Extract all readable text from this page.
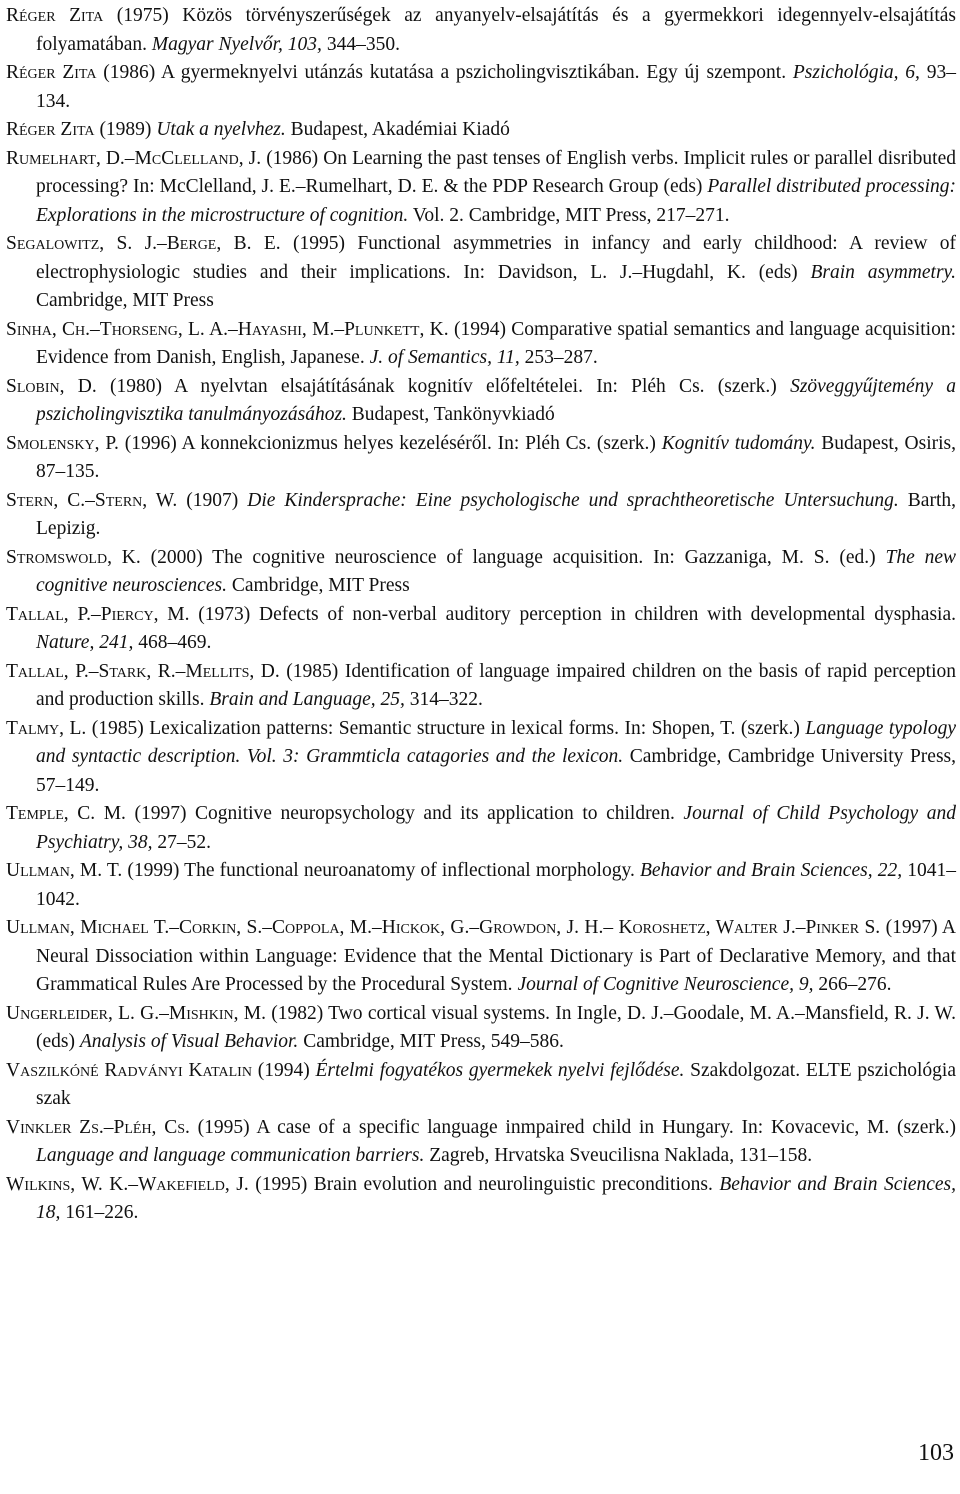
Réger Zita (1975) Közös törvényszerűségek az anyanyelv-elsajátítás és a gyermekkori idegennyelv-elsajátítás folyamatában. Magyar Nyelvőr, 103, 344–350.

Réger Zita (1986) A gyermeknyelvi utánzás kutatása a pszicholingvisztikában. Egy új szempont. Pszichológia, 6, 93–134.

Réger Zita (1989) Utak a nyelvhez. Budapest, Akadémiai Kiadó

Rumelhart, D.–McClelland, J. (1986) On Learning the past tenses of English verbs. Implicit rules or parallel disributed processing? In: McClelland, J. E.–Rumelhart, D. E. & the PDP Research Group (eds) Parallel distributed processing: Explorations in the microstructure of cognition. Vol. 2. Cambridge, MIT Press, 217–271.

Segalowitz, S. J.–Berge, B. E. (1995) Functional asymmetries in infancy and early childhood: A review of electrophysiologic studies and their implications. In: Davidson, L. J.–Hugdahl, K. (eds) Brain asymmetry. Cambridge, MIT Press

Sinha, Ch.–Thorseng, L. A.–Hayashi, M.–Plunkett, K. (1994) Comparative spatial semantics and language acquisition: Evidence from Danish, English, Japanese. J. of Semantics, 11, 253–287.

Slobin, D. (1980) A nyelvtan elsajátításának kognitív előfeltételei. In: Pléh Cs. (szerk.) Szöveggyűjtemény a pszicholingvisztika tanulmányozásához. Budapest, Tankönyvkiadó

Smolensky, P. (1996) A konnekcionizmus helyes kezeléséről. In: Pléh Cs. (szerk.) Kognitív tudomány. Budapest, Osiris, 87–135.

Stern, C.–Stern, W. (1907) Die Kindersprache: Eine psychologische und sprachtheoretische Untersuchung. Barth, Lepizig.

Stromswold, K. (2000) The cognitive neuroscience of language acquisition. In: Gazzaniga, M. S. (ed.) The new cognitive neurosciences. Cambridge, MIT Press

Tallal, P.–Piercy, M. (1973) Defects of non-verbal auditory perception in children with developmental dysphasia. Nature, 241, 468–469.

Tallal, P.–Stark, R.–Mellits, D. (1985) Identification of language impaired children on the basis of rapid perception and production skills. Brain and Language, 25, 314–322.

Talmy, L. (1985) Lexicalization patterns: Semantic structure in lexical forms. In: Shopen, T. (szerk.) Language typology and syntactic description. Vol. 3: Grammticla catagories and the lexicon. Cambridge, Cambridge University Press, 57–149.

Temple, C. M. (1997) Cognitive neuropsychology and its application to children. Journal of Child Psychology and Psychiatry, 38, 27–52.

Ullman, M. T. (1999) The functional neuroanatomy of inflectional morphology. Behavior and Brain Sciences, 22, 1041–1042.

Ullman, Michael T.–Corkin, S.–Coppola, M.–Hickok, G.–Growdon, J. H.– Koroshetz, Walter J.–Pinker S. (1997) A Neural Dissociation within Language: Evidence that the Mental Dictionary is Part of Declarative Memory, and that Grammatical Rules Are Processed by the Procedural System. Journal of Cognitive Neuroscience, 9, 266–276.

Ungerleider, L. G.–Mishkin, M. (1982) Two cortical visual systems. In Ingle, D. J.–Goodale, M. A.–Mansfield, R. J. W. (eds) Analysis of Visual Behavior. Cambridge, MIT Press, 549–586.

Vaszilkóné Radványi Katalin (1994) Értelmi fogyatékos gyermekek nyelvi fejlődése. Szakdolgozat. ELTE pszichológia szak

Vinkler Zs.–Pléh, Cs. (1995) A case of a specific language inmpaired child in Hungary. In: Kovacevic, M. (szerk.) Language and language communication barriers. Zagreb, Hrvatska Sveucilisna Naklada, 131–158.

Wilkins, W. K.–Wakefield, J. (1995) Brain evolution and neurolinguistic preconditions. Behavior and Brain Sciences, 18, 161–226.

103
